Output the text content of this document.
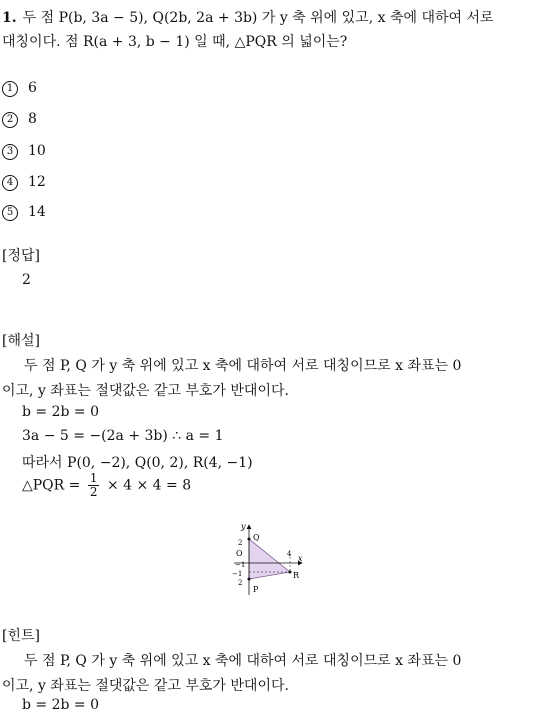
1. 두 점 P(b, 3a − 5), Q(2b, 2a + 3b) 가 y 축 위에 있고, x 축에 대하여 서로
대칭이다. 점 R(a + 3, b − 1) 일 때, △PQR 의 넓이는?
1 6
2 8
3 10
4 12
5 14
[정답]
2
[해설]
두 점 P, Q 가 y 축 위에 있고 x 축에 대하여 서로 대칭이므로 x 좌표는 0
이고, y 좌표는 절댓값은 같고 부호가 반대이다.
b = 2b = 0
3a − 5 = −(2a + 3b) ∴ a = 1
따라서 P(0, −2), Q(0, 2), R(4, −1)
△PQR = $\frac{1}{2} \times 4 \times 4 = 8$
y
x
O
Q
P
R
2
−1
2
4
−1
[힌트]
두 점 P, Q 가 y 축 위에 있고 x 축에 대하여 서로 대칭이므로 x 좌표는 0
이고, y 좌표는 절댓값은 같고 부호가 반대이다.
b = 2b = 0
